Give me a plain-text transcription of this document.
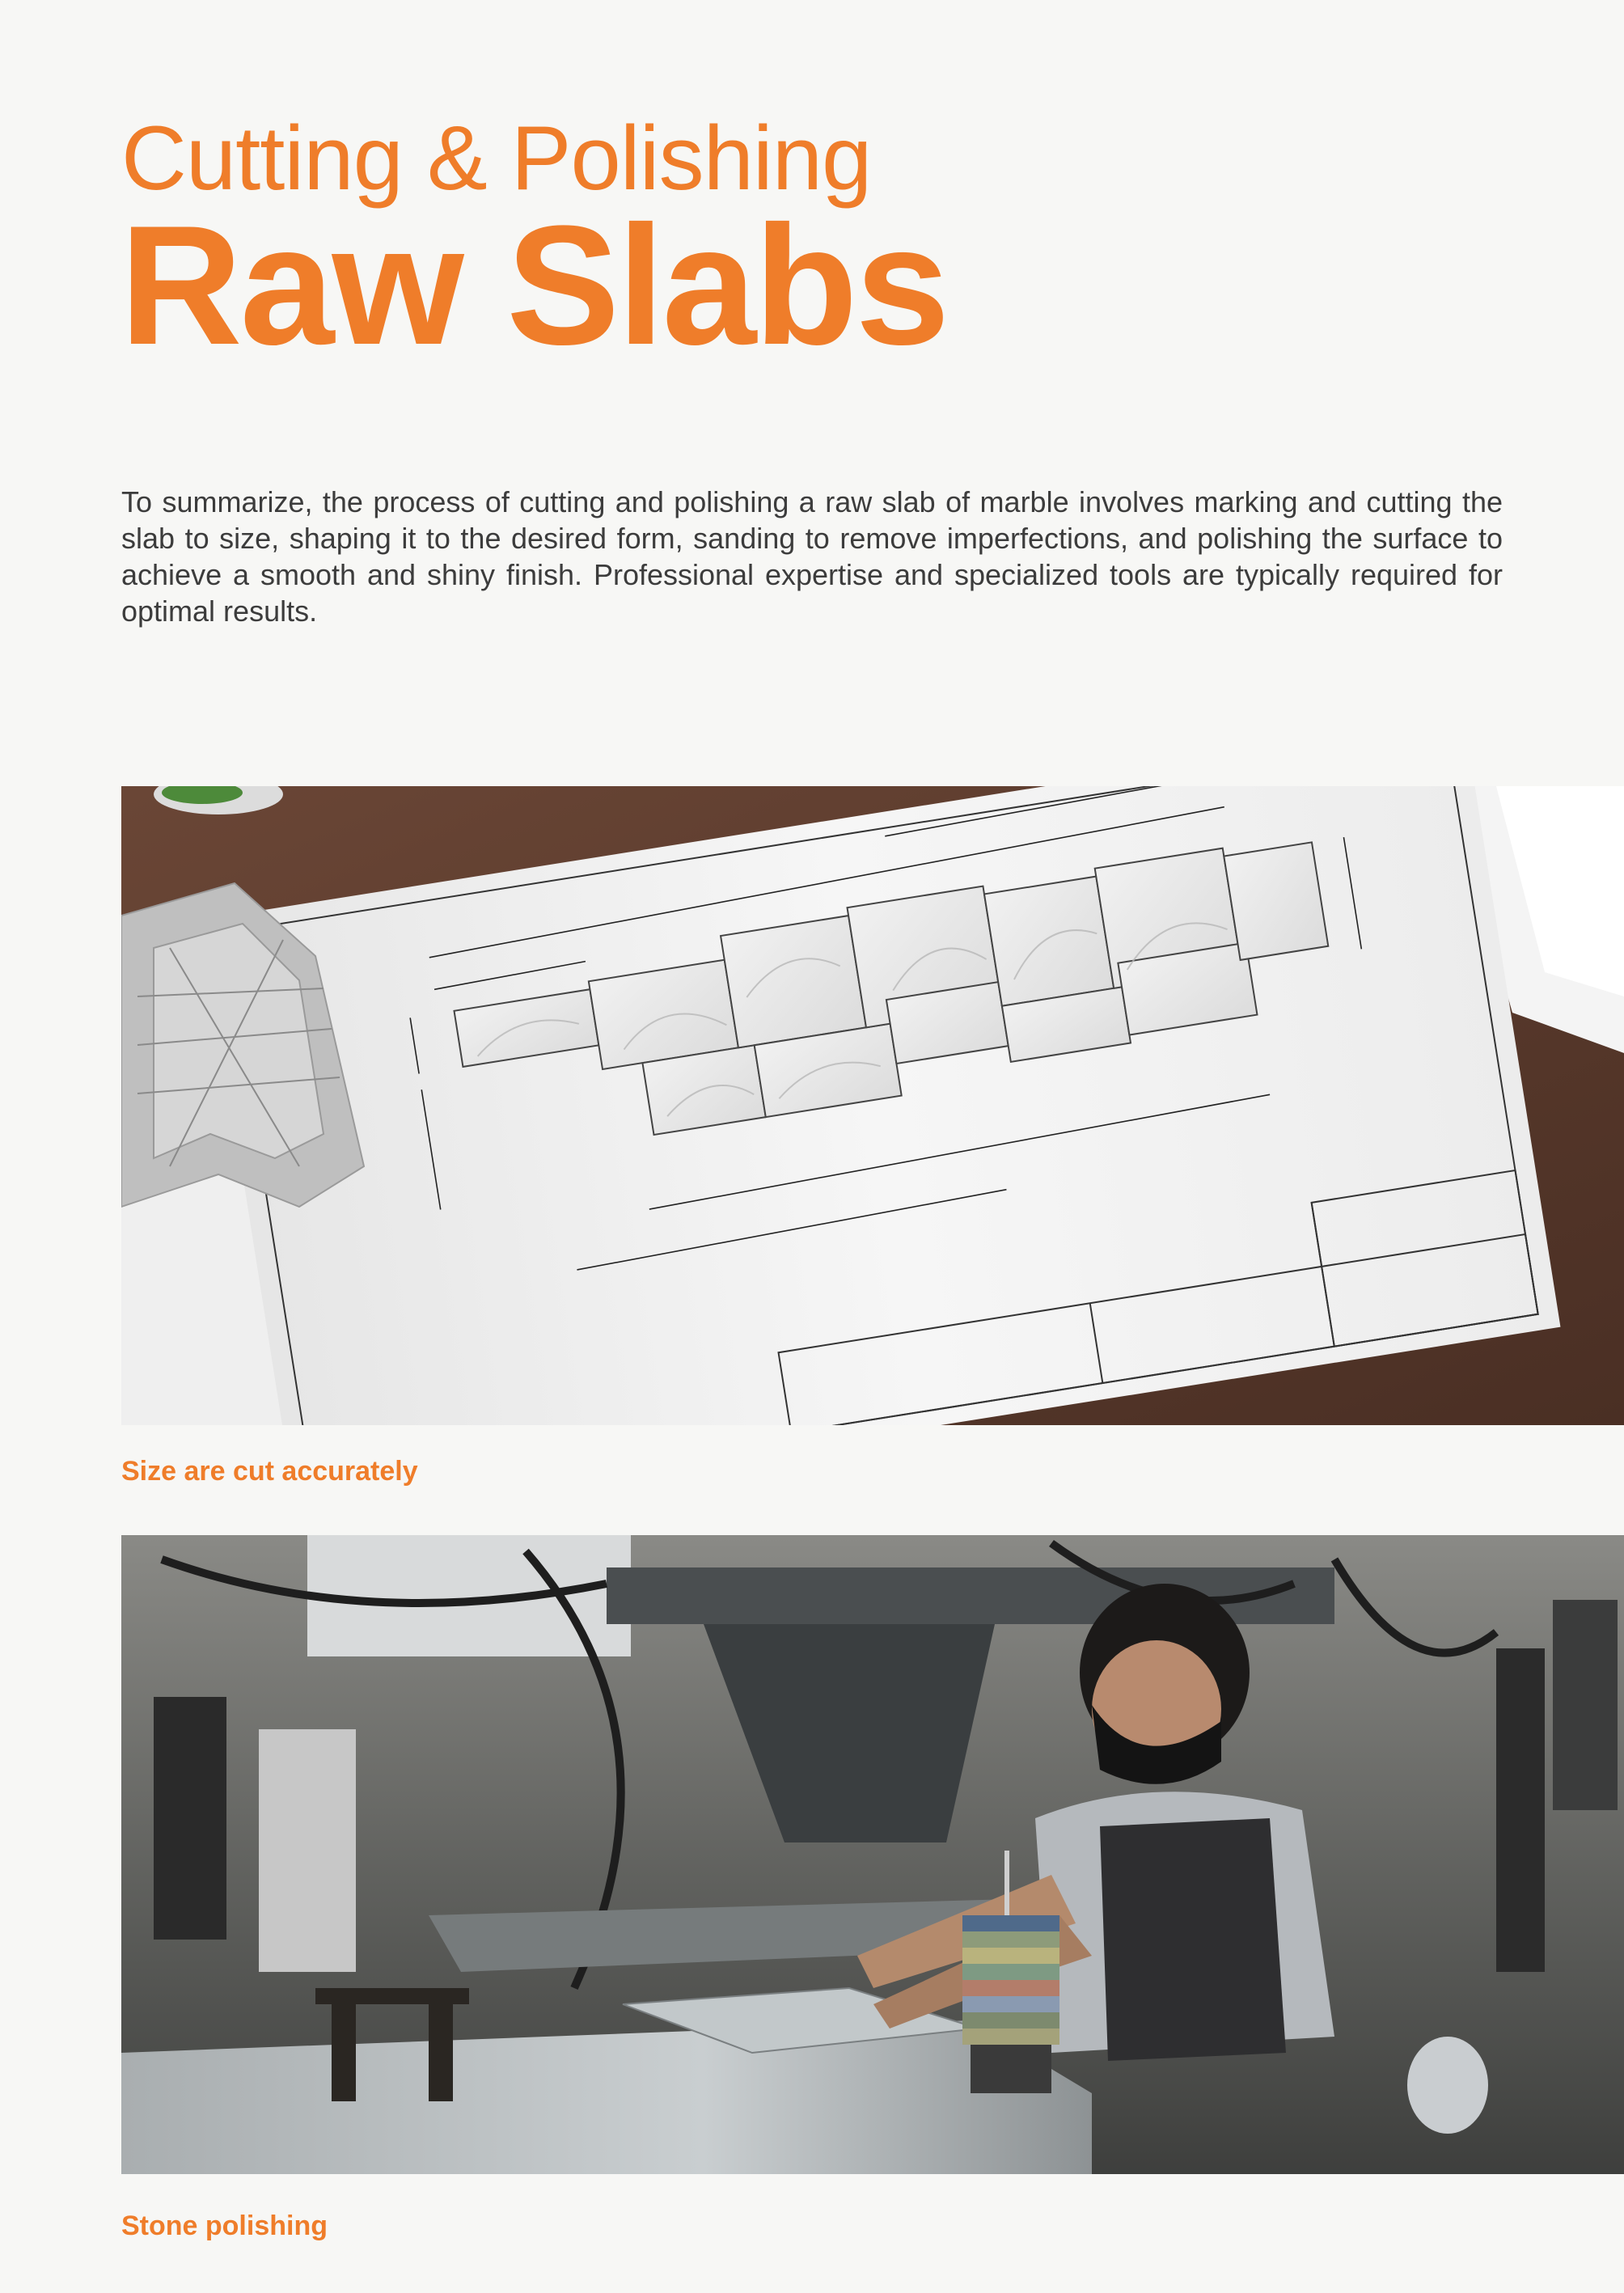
Cutting & Polishing
Raw Slabs

To summarize, the process of cutting and polishing a raw slab of marble involves marking and cutting the slab to size, shaping it to the desired form, sanding to remove imperfections, and polishing the surface to achieve a smooth and shiny finish. Professional expertise and specialized tools are typically required for optimal results.

Size are cut accurately
Stone polishing
